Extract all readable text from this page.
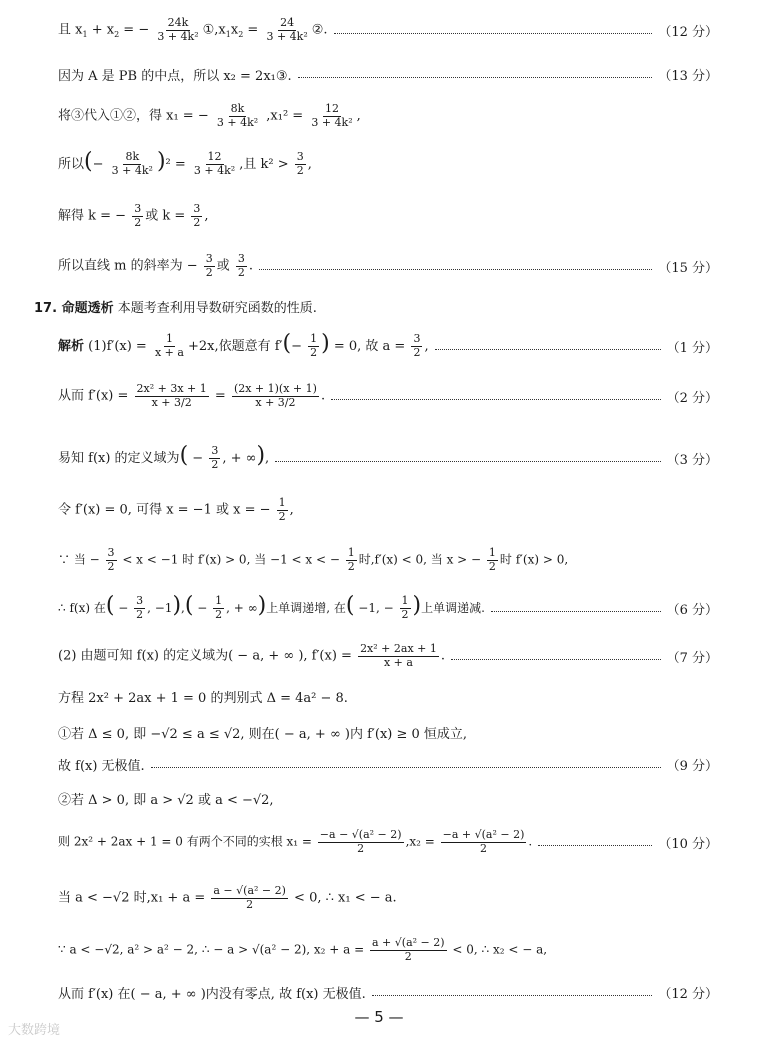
且 $x_1 + x_2$ = − $\frac{24k}{\text{3 + 4k²}}$ $①,x_1x_2 = \frac{24}{\text{3 + 4k²}}$ ②.	（12 分）
因为 A 是 PB 的中点，所以 x₂ = 2x₁③.	（13 分）
将③代入①②，得 x₁ = − $\frac{8k}{\text{3 + 4k²}} ,x_1^2 = \frac{12}{\text{3 + 4k²}}$ ,
所以(− $\frac{8k}{\text{3 + 4k²}} )^2 = \frac{12}{\text{3 + 4k²}}$ ,且 $k^2 > \frac{3}{2}$ ,
解得 k = − $\frac{3}{2}$ 或 $k = \frac{3}{2}$ ,
所以直线 m 的斜率为 − $\frac{3}{2}$ 或 $\frac{3}{2}$ .	（15 分）
17. 命题透析 本题考查利用导数研究函数的性质.
解析 $(1)f'(x) = \frac{1}{x + a} +2x$,依题意有 $f'(- \frac{1}{2}$ ) = 0, 故 $a = \frac{3}{2}$ ,	（1 分）
从而 $f'(x) = \frac{\text{2x² + 3x + 1}}{x + 3/2} = \frac{(2x + 1)(x + 1)}{x + 3/2}$ .	（2 分）
易知 f(x) 的定义域为( − $\frac{3}{2}$ , + ∞),	（3 分）
令 f′(x) = 0, 可得 x = −1 或 x = − $\frac{1}{2}$ ,
∵ 当 − $\frac{3}{2} < x < -1$ 时 f′(x) > 0, 当 −1 < x < − $\frac{1}{2}$ 时,f′(x) < 0, 当 x > − $\frac{1}{2}$ 时 f′(x) > 0,
∴ f(x) 在( − $\frac{3}{2}$ , $-1),( - \frac{1}{2}$ , + ∞)上单调递增, 在( −1, − $\frac{1}{2}$ )上单调递减.	（6 分）
(2) 由题可知 f(x) 的定义域为( − a, + ∞ ), $f'(x) = \frac{\text{2x² + 2ax + 1}}{x + a}$ .	（7 分）
方程 2x² + 2ax + 1 = 0 的判别式 Δ = 4a² − 8.
①若 Δ ≤ 0, 即 −√2 ≤ a ≤ √2, 则在( − a, + ∞ )内 f′(x) ≥ 0 恒成立,
故 f(x) 无极值.	（9 分）
②若 Δ > 0, 即 a > √2 或 a < −√2,
则 2x² + 2ax + 1 = 0 有两个不同的实根 $x_1 = \frac{\text{−a − √(a² − 2)}}{2} ,x_2 = \frac{\text{−a + √(a² − 2)}}{2}$ .	（10 分）
当 a < −√2 时$,x_1 + a = \frac{\text{a − √(a² − 2)}}{2} < 0$, ∴ x₁ < − a.
∵ a < −√2, a² > a² − 2, ∴ − a > √(a² − 2), $x_2 + a = \frac{\text{a + √(a² − 2)}}{2} < 0$, ∴ x₂ < − a,
从而 f′(x) 在( − a, + ∞ )内没有零点, 故 f(x) 无极值.	（12 分）
— 5 —
大数跨境
